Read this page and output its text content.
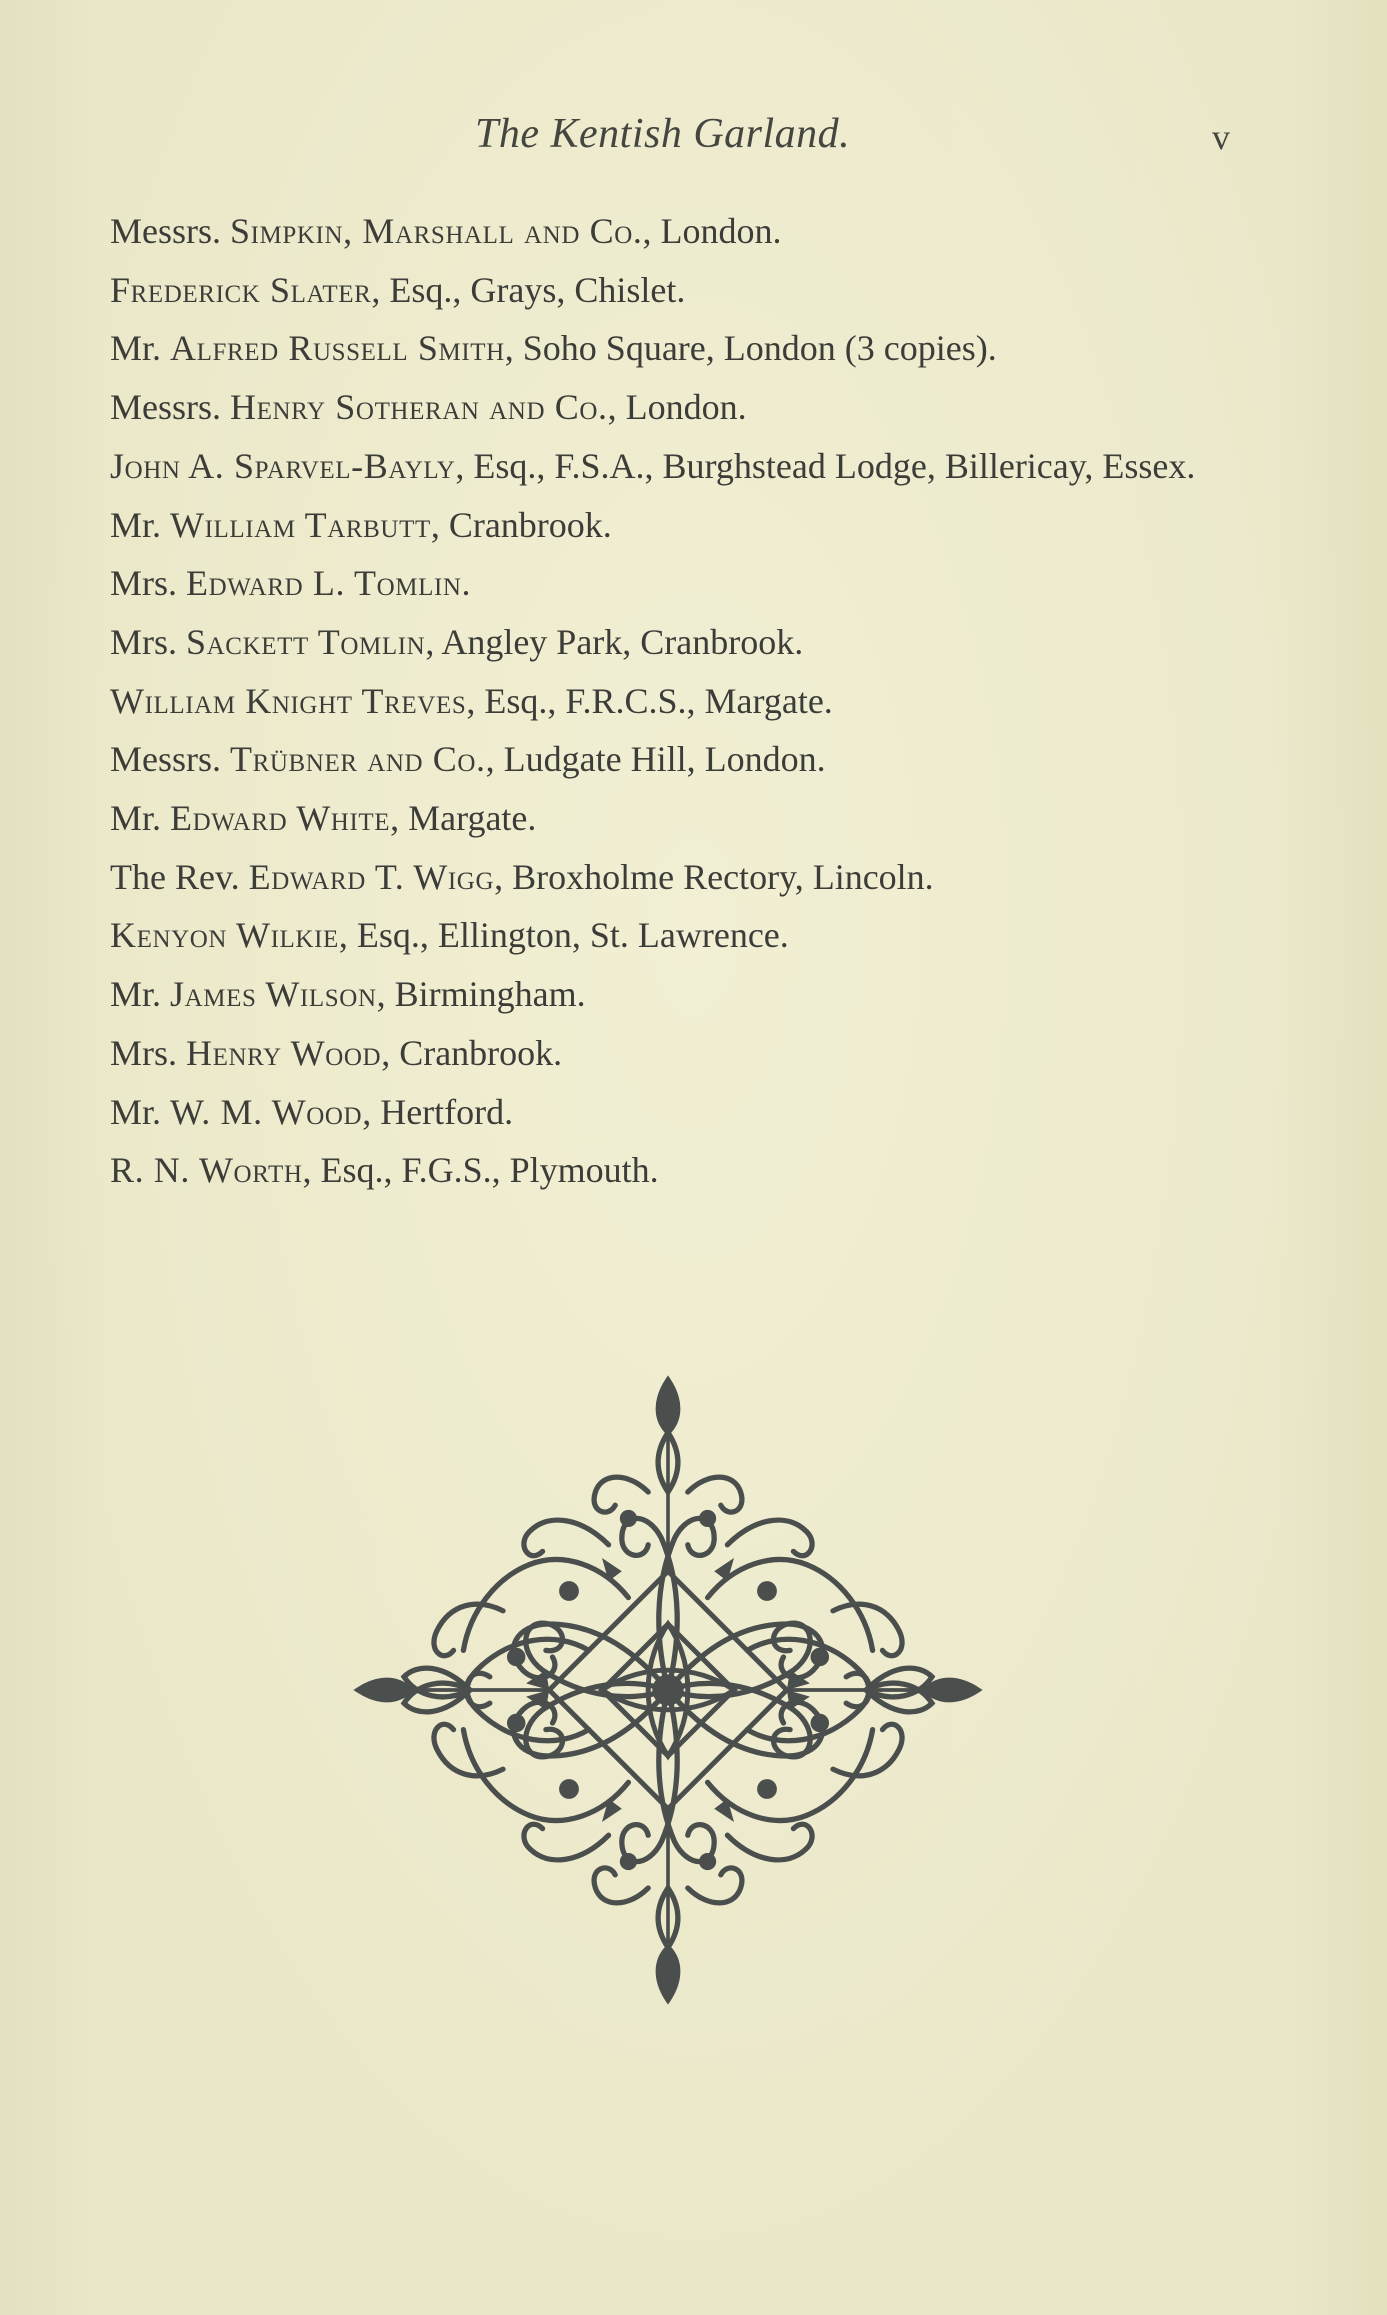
The Kentish Garland.	v
Messrs. Simpkin, Marshall and Co., London.
Frederick Slater, Esq., Grays, Chislet.
Mr. Alfred Russell Smith, Soho Square, London (3 copies).
Messrs. Henry Sotheran and Co., London.
John A. Sparvel-Bayly, Esq., F.S.A., Burghstead Lodge, Billericay, Essex.
Mr. William Tarbutt, Cranbrook.
Mrs. Edward L. Tomlin.
Mrs. Sackett Tomlin, Angley Park, Cranbrook.
William Knight Treves, Esq., F.R.C.S., Margate.
Messrs. Trübner and Co., Ludgate Hill, London.
Mr. Edward White, Margate.
The Rev. Edward T. Wigg, Broxholme Rectory, Lincoln.
Kenyon Wilkie, Esq., Ellington, St. Lawrence.
Mr. James Wilson, Birmingham.
Mrs. Henry Wood, Cranbrook.
Mr. W. M. Wood, Hertford.
R. N. Worth, Esq., F.G.S., Plymouth.
